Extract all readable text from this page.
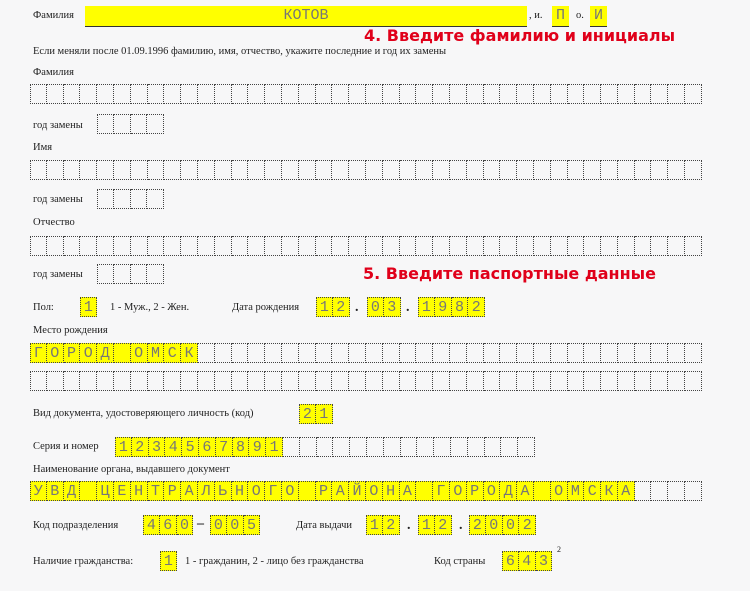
Фамилия	КОТОВ	, и. П	о. И
4. Введите фамилию и инициалы
Если меняли после 01.09.1996 фамилию, имя, отчество, укажите последние и год их замены
Фамилия
год замены
Имя
год замены
Отчество
год замены	5. Введите паспортные данные
Пол: 1	1 - Муж., 2 - Жен.	Дата рождения 1 2 . 0 3 . 1 9 8 2
Место рождения
Г О Р О Д
О М С К
Вид документа, удостоверяющего личность (код)	2 1
Серия и номер 1 2 3 4 5 6 7 8 9 1
Наименование органа, выдавшего документ
У В Д
Ц Е Н Т Р А Л Ь Н О Г О
Р А Й О Н А
Г О Р О Д А
О М С К А
Код подразделения 4 6 0 – 0 0 5	Дата выдачи 1 2 . 1 2 . 2 0 0 2
Наличие гражданства: 1	1 - гражданин, 2 - лицо без гражданства	Код страны 6 4 3
2
